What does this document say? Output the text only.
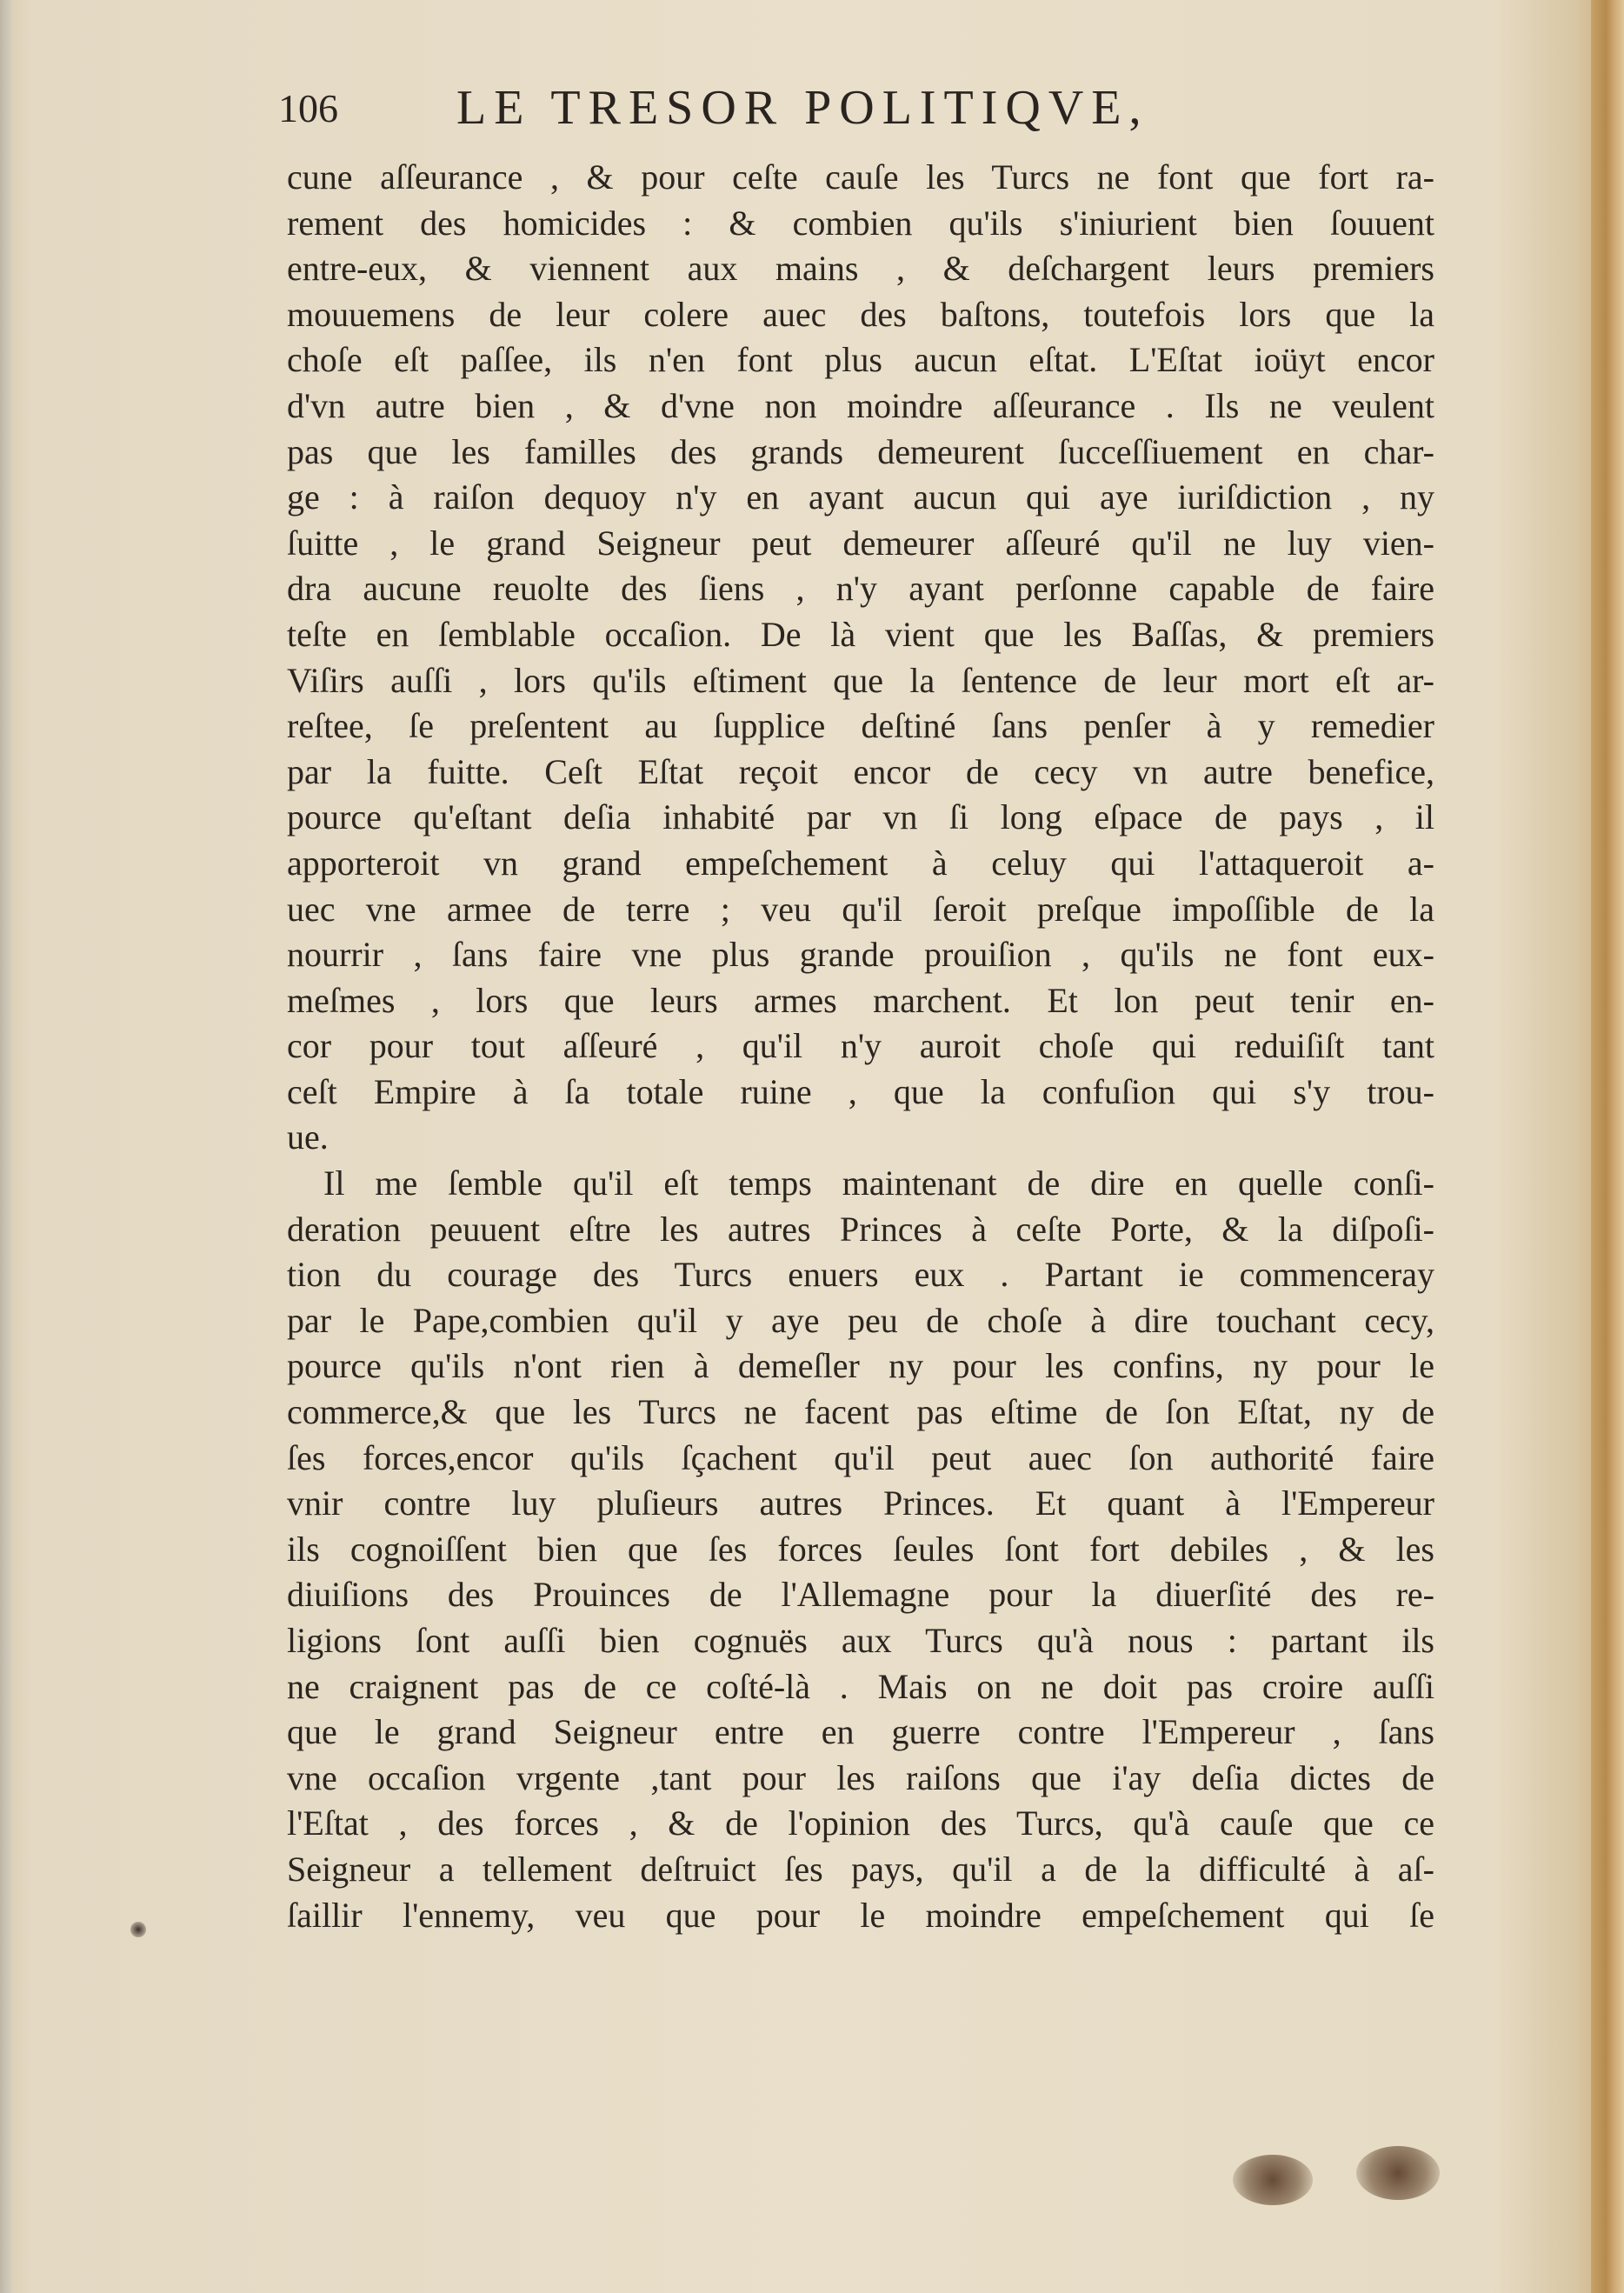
106 LE TRESOR POLITIQVE,
cune aſſeurance , & pour ceſte cauſe les Turcs ne font que fort ra-
rement des homicides : & combien qu'ils s'iniurient bien ſouuent
entre-eux, & viennent aux mains , & deſchargent leurs premiers
mouuemens de leur colere auec des baſtons, toutefois lors que la
choſe eſt paſſee, ils n'en font plus aucun eſtat. L'Eſtat ioüyt encor
d'vn autre bien , & d'vne non moindre aſſeurance . Ils ne veulent
pas que les familles des grands demeurent ſucceſſiuement en char-
ge : à raiſon dequoy n'y en ayant aucun qui aye iuriſdiction , ny
ſuitte , le grand Seigneur peut demeurer aſſeuré qu'il ne luy vien-
dra aucune reuolte des ſiens , n'y ayant perſonne capable de faire
teſte en ſemblable occaſion. De là vient que les Baſſas, & premiers
Viſirs auſſi , lors qu'ils eſtiment que la ſentence de leur mort eſt ar-
reſtee, ſe preſentent au ſupplice deſtiné ſans penſer à y remedier
par la fuitte. Ceſt Eſtat reçoit encor de cecy vn autre benefice,
pource qu'eſtant deſia inhabité par vn ſi long eſpace de pays , il
apporteroit vn grand empeſchement à celuy qui l'attaqueroit a-
uec vne armee de terre ; veu qu'il ſeroit preſque impoſſible de la
nourrir , ſans faire vne plus grande prouiſion , qu'ils ne font eux-
meſmes , lors que leurs armes marchent. Et lon peut tenir en-
cor pour tout aſſeuré , qu'il n'y auroit choſe qui reduiſiſt tant
ceſt Empire à ſa totale ruine , que la confuſion qui s'y trou-
ue.
Il me ſemble qu'il eſt temps maintenant de dire en quelle conſi-
deration peuuent eſtre les autres Princes à ceſte Porte, & la diſpoſi-
tion du courage des Turcs enuers eux . Partant ie commenceray
par le Pape,combien qu'il y aye peu de choſe à dire touchant cecy,
pource qu'ils n'ont rien à demeſler ny pour les confins, ny pour le
commerce,& que les Turcs ne facent pas eſtime de ſon Eſtat, ny de
ſes forces,encor qu'ils ſçachent qu'il peut auec ſon authorité faire
vnir contre luy pluſieurs autres Princes. Et quant à l'Empereur
ils cognoiſſent bien que ſes forces ſeules ſont fort debiles , & les
diuiſions des Prouinces de l'Allemagne pour la diuerſité des re-
ligions ſont auſſi bien cognuës aux Turcs qu'à nous : partant ils
ne craignent pas de ce coſté-là . Mais on ne doit pas croire auſſi
que le grand Seigneur entre en guerre contre l'Empereur , ſans
vne occaſion vrgente ,tant pour les raiſons que i'ay deſia dictes de
l'Eſtat , des forces , & de l'opinion des Turcs, qu'à cauſe que ce
Seigneur a tellement deſtruict ſes pays, qu'il a de la difficulté à aſ-
ſaillir l'ennemy, veu que pour le moindre empeſchement qui ſe
